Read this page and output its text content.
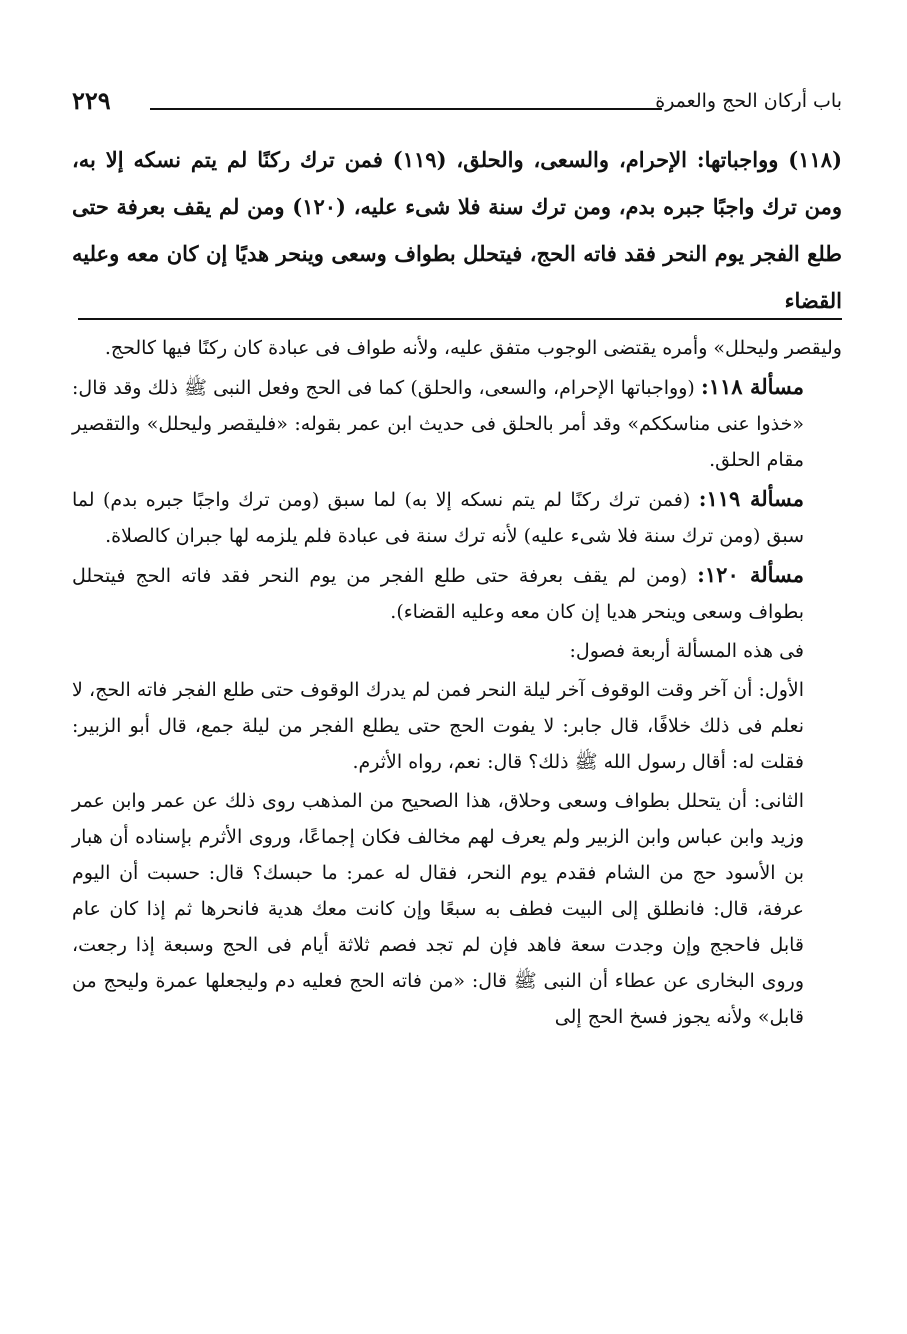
باب أركان الحج والعمرة
٢٢٩

(١١٨) وواجباتها: الإحرام، والسعى، والحلق، (١١٩) فمن ترك ركنًا لم يتم نسكه إلا به، ومن ترك واجبًا جبره بدم، ومن ترك سنة فلا شىء عليه، (١٢٠) ومن لم يقف بعرفة حتى طلع الفجر يوم النحر فقد فاته الحج، فيتحلل بطواف وسعى وينحر هديًا إن كان معه وعليه القضاء

وليقصر وليحلل» وأمره يقتضى الوجوب متفق عليه، ولأنه طواف فى عبادة كان ركنًا فيها كالحج.

مسألة ١١٨: (وواجباتها الإحرام، والسعى، والحلق) كما فى الحج وفعل النبى ﷺ ذلك وقد قال: «خذوا عنى مناسككم» وقد أمر بالحلق فى حديث ابن عمر بقوله: «فليقصر وليحلل» والتقصير مقام الحلق.

مسألة ١١٩: (فمن ترك ركنًا لم يتم نسكه إلا به) لما سبق (ومن ترك واجبًا جبره بدم) لما سبق (ومن ترك سنة فلا شىء عليه) لأنه ترك سنة فى عبادة فلم يلزمه لها جبران كالصلاة.

مسألة ١٢٠: (ومن لم يقف بعرفة حتى طلع الفجر من يوم النحر فقد فاته الحج فيتحلل بطواف وسعى وينحر هديا إن كان معه وعليه القضاء).

فى هذه المسألة أربعة فصول:

الأول: أن آخر وقت الوقوف آخر ليلة النحر فمن لم يدرك الوقوف حتى طلع الفجر فاته الحج، لا نعلم فى ذلك خلافًا، قال جابر: لا يفوت الحج حتى يطلع الفجر من ليلة جمع، قال أبو الزبير: فقلت له: أقال رسول الله ﷺ ذلك؟ قال: نعم، رواه الأثرم.

الثانى: أن يتحلل بطواف وسعى وحلاق، هذا الصحيح من المذهب روى ذلك عن عمر وابن عمر وزيد وابن عباس وابن الزبير ولم يعرف لهم مخالف فكان إجماعًا، وروى الأثرم بإسناده أن هبار بن الأسود حج من الشام فقدم يوم النحر، فقال له عمر: ما حبسك؟ قال: حسبت أن اليوم عرفة، قال: فانطلق إلى البيت فطف به سبعًا وإن كانت معك هدية فانحرها ثم إذا كان عام قابل فاحجج وإن وجدت سعة فاهد فإن لم تجد فصم ثلاثة أيام فى الحج وسبعة إذا رجعت، وروى البخارى عن عطاء أن النبى ﷺ قال: «من فاته الحج فعليه دم وليجعلها عمرة وليحج من قابل» ولأنه يجوز فسخ الحج إلى
